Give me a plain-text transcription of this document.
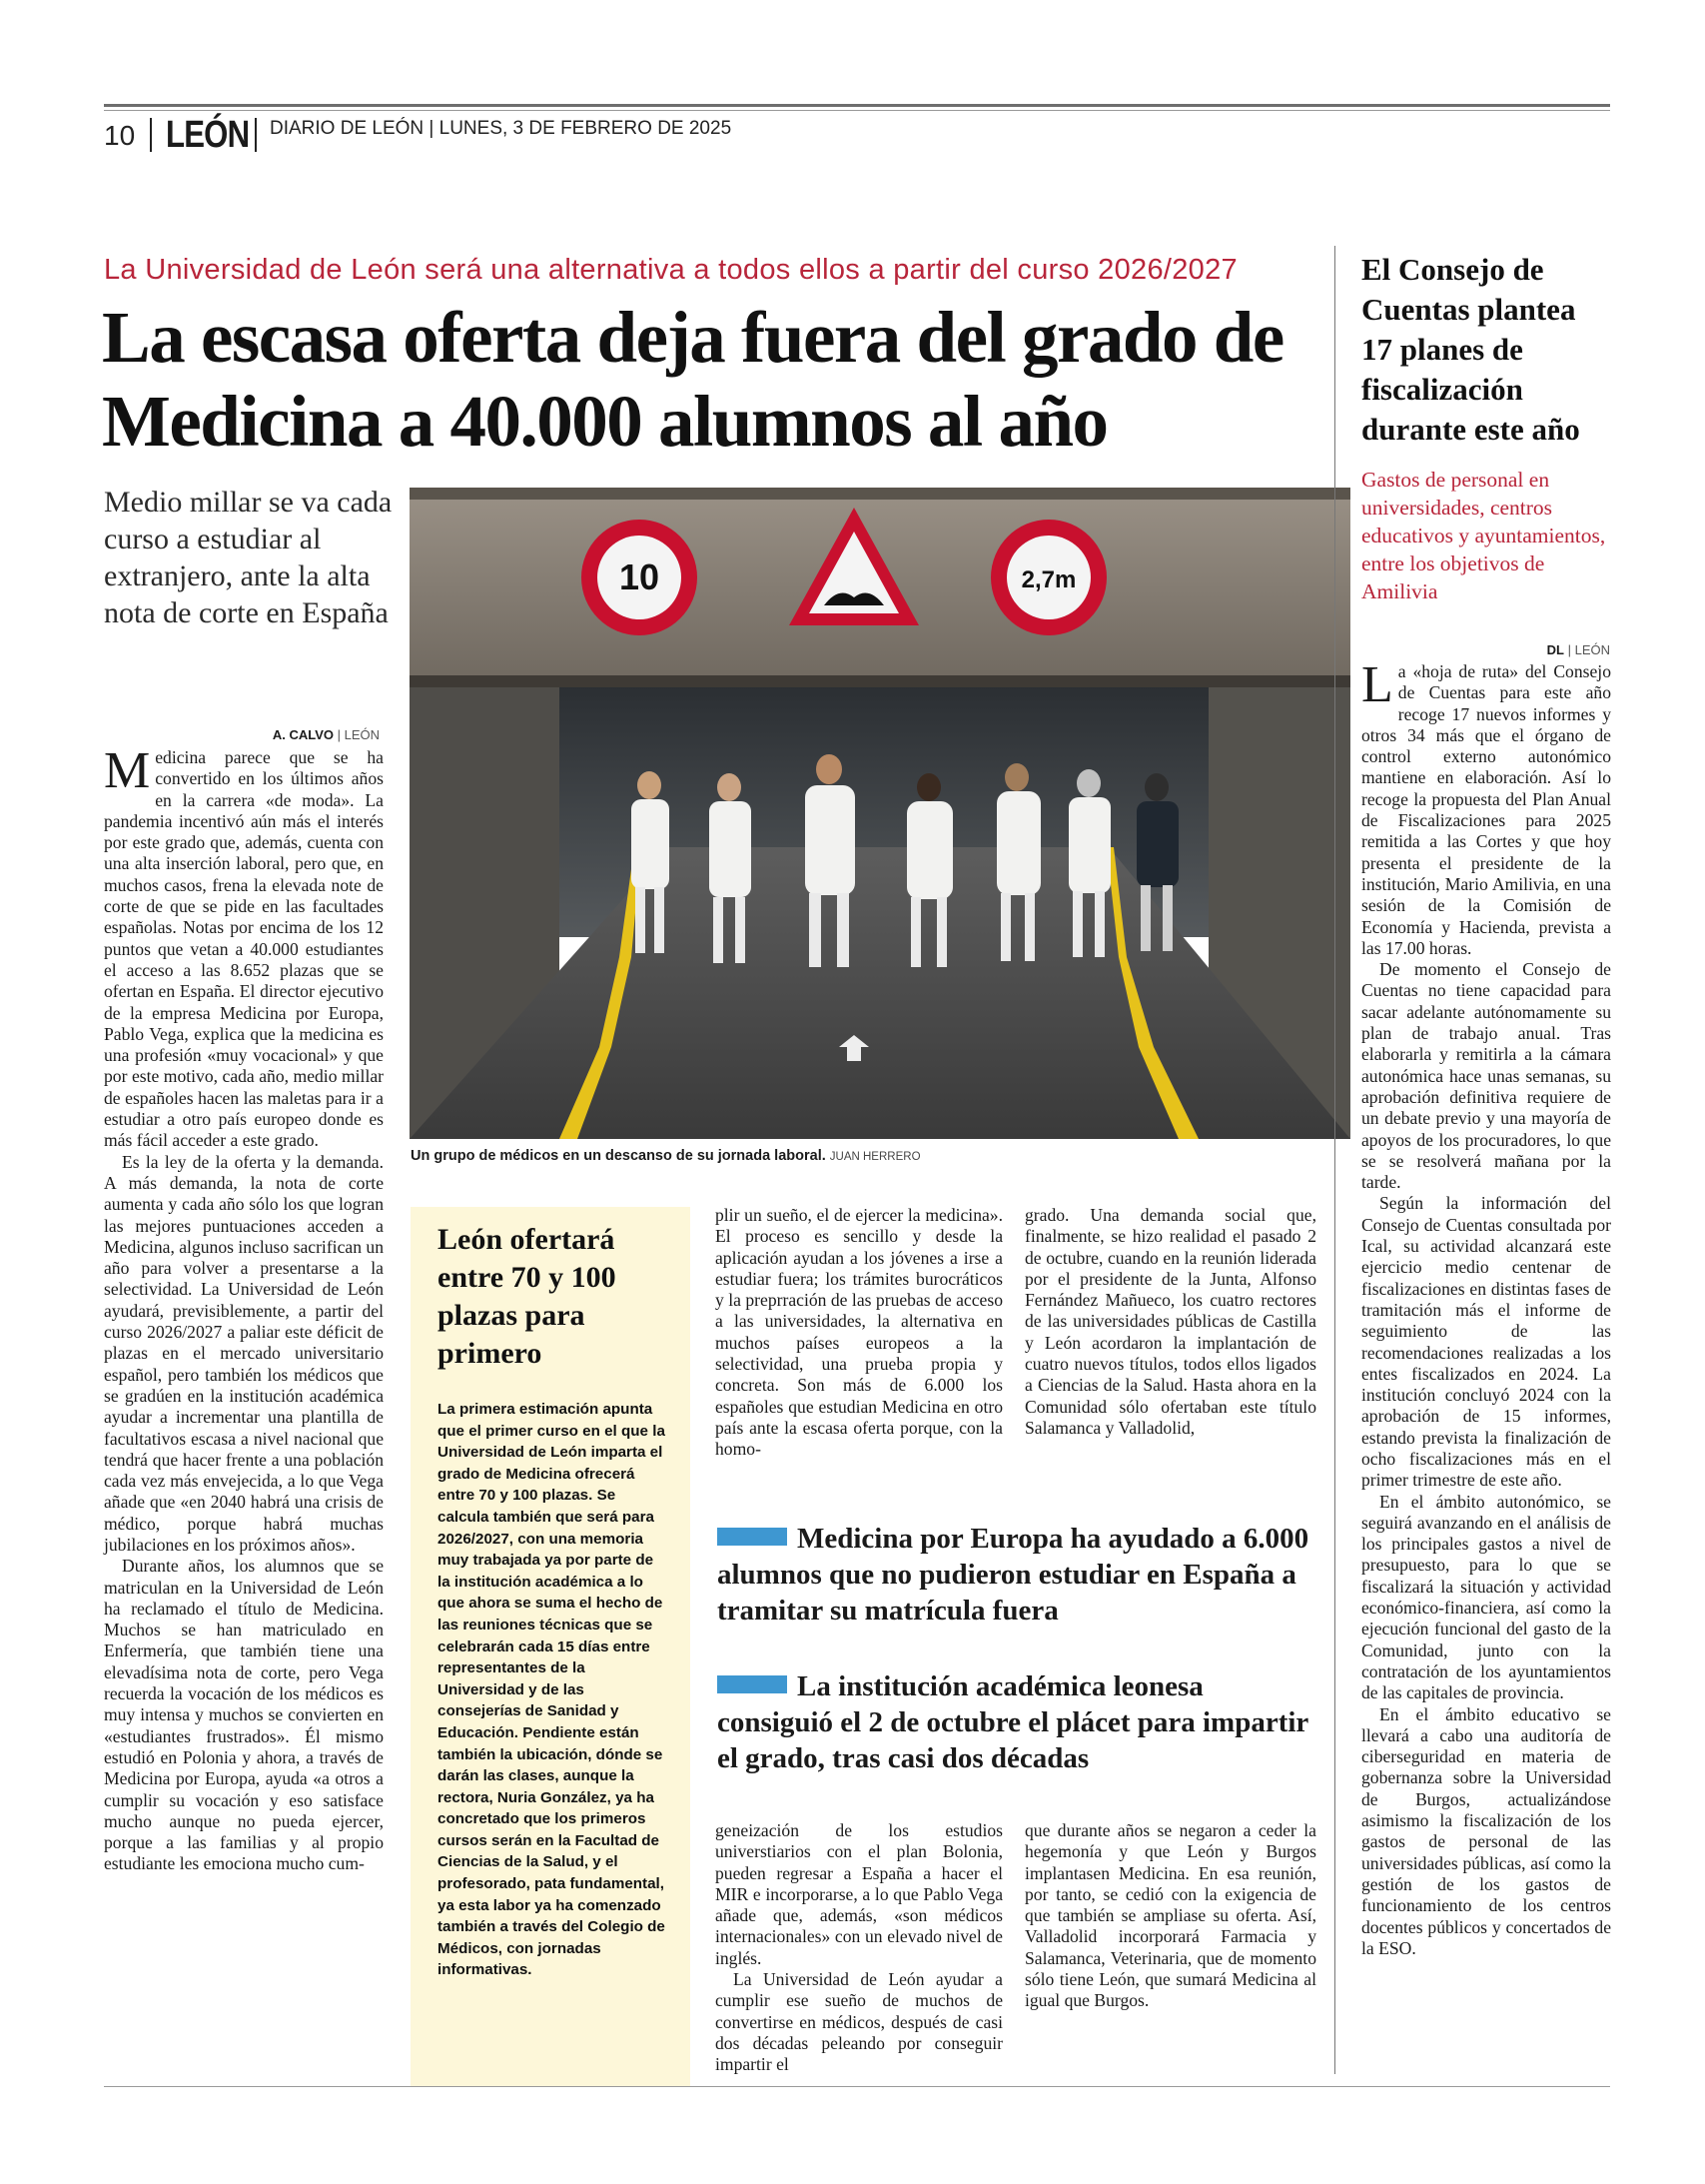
10 LEÓN DIARIO DE LEÓN | LUNES, 3 DE FEBRERO DE 2025
La Universidad de León será una alternativa a todos ellos a partir del curso 2026/2027
La escasa oferta deja fuera del grado de Medicina a 40.000 alumnos al año
Medio millar se va cada curso a estudiar al extranjero, ante la alta nota de corte en España
A. CALVO | LEÓN

Medicina parece que se ha convertido en los últimos años en la carrera «de moda». La pandemia incentivó aún más el interés por este grado que, además, cuenta con una alta inserción laboral, pero que, en muchos casos, frena la elevada note de corte de que se pide en las facultades españolas. Notas por encima de los 12 puntos que vetan a 40.000 estudiantes el acceso a las 8.652 plazas que se ofertan en España. El director ejecutivo de la empresa Medicina por Europa, Pablo Vega, explica que la medicina es una profesión «muy vocacional» y que por este motivo, cada año, medio millar de españoles hacen las maletas para ir a estudiar a otro país europeo donde es más fácil acceder a este grado.

Es la ley de la oferta y la demanda. A más demanda, la nota de corte aumenta y cada año sólo los que logran las mejores puntuaciones acceden a Medicina, algunos incluso sacrifican un año para volver a presentarse a la selectividad. La Universidad de León ayudará, previsiblemente, a partir del curso 2026/2027 a paliar este déficit de plazas en el mercado universitario español, pero también los médicos que se gradúen en la institución académica ayudar a incrementar una plantilla de facultativos escasa a nivel nacional que tendrá que hacer frente a una población cada vez más envejecida, a lo que Vega añade que «en 2040 habrá una crisis de médico, porque habrá muchas jubilaciones en los próximos años».

Durante años, los alumnos que se matriculan en la Universidad de León ha reclamado el título de Medicina. Muchos se han matriculado en Enfermería, que también tiene una elevadísima nota de corte, pero Vega recuerda la vocación de los médicos es muy intensa y muchos se convierten en «estudiantes frustrados». Él mismo estudió en Polonia y ahora, a través de Medicina por Europa, ayuda «a otros a cumplir su vocación y eso satisface mucho aunque no pueda ejercer, porque a las familias y al propio estudiante les emociona mucho cum-

10	2,7m
Un grupo de médicos en un descanso de su jornada laboral. JUAN HERRERO
León ofertará entre 70 y 100 plazas para primero
La primera estimación apunta que el primer curso en el que la Universidad de León imparta el grado de Medicina ofrecerá entre 70 y 100 plazas. Se calcula también que será para 2026/2027, con una memoria muy trabajada ya por parte de la institución académica a lo que ahora se suma el hecho de las reuniones técnicas que se celebrarán cada 15 días entre representantes de la Universidad y de las consejerías de Sanidad y Educación. Pendiente están también la ubicación, dónde se darán las clases, aunque la rectora, Nuria González, ya ha concretado que los primeros cursos serán en la Facultad de Ciencias de la Salud, y el profesorado, pata fundamental, ya esta labor ya ha comenzado también a través del Colegio de Médicos, con jornadas informativas.

plir un sueño, el de ejercer la medicina». El proceso es sencillo y desde la aplicación ayudan a los jóvenes a irse a estudiar fuera; los trámites burocráticos y la preprración de las pruebas de acceso a las universidades, la alternativa en muchos países europeos a la selectividad, una prueba propia y concreta. Son más de 6.000 los españoles que estudian Medicina en otro país ante la escasa oferta porque, con la homo-

grado. Una demanda social que, finalmente, se hizo realidad el pasado 2 de octubre, cuando en la reunión liderada por el presidente de la Junta, Alfonso Fernández Mañueco, los cuatro rectores de las universidades públicas de Castilla y León acordaron la implantación de cuatro nuevos títulos, todos ellos ligados a Ciencias de la Salud. Hasta ahora en la Comunidad sólo ofertaban este título Salamanca y Valladolid,

Medicina por Europa ha ayudado a 6.000 alumnos que no pudieron estudiar en España a tramitar su matrícula fuera
La institución académica leonesa consiguió el 2 de octubre el plácet para impartir el grado, tras casi dos décadas

geneización de los estudios universtiarios con el plan Bolonia, pueden regresar a España a hacer el MIR e incorporarse, a lo que Pablo Vega añade que, además, «son médicos internacionales» con un elevado nivel de inglés.

La Universidad de León ayudar a cumplir ese sueño de muchos de convertirse en médicos, después de casi dos décadas peleando por conseguir impartir el

que durante años se negaron a ceder la hegemonía y que León y Burgos implantasen Medicina. En esa reunión, por tanto, se cedió con la exigencia de que también se ampliase su oferta. Así, Valladolid incorporará Farmacia y Salamanca, Veterinaria, que de momento sólo tiene León, que sumará Medicina al igual que Burgos.

El Consejo de Cuentas plantea 17 planes de fiscalización durante este año
Gastos de personal en universidades, centros educativos y ayuntamientos, entre los objetivos de Amilivia
DL | LEÓN

La «hoja de ruta» del Consejo de Cuentas para este año recoge 17 nuevos informes y otros 34 más que el órgano de control externo autonómico mantiene en elaboración. Así lo recoge la propuesta del Plan Anual de Fiscalizaciones para 2025 remitida a las Cortes y que hoy presenta el presidente de la institución, Mario Amilivia, en una sesión de la Comisión de Economía y Hacienda, prevista a las 17.00 horas.

De momento el Consejo de Cuentas no tiene capacidad para sacar adelante autónomamente su plan de trabajo anual. Tras elaborarla y remitirla a la cámara autonómica hace unas semanas, su aprobación definitiva requiere de un debate previo y una mayoría de apoyos de los procuradores, lo que se se resolverá mañana por la tarde.

Según la información del Consejo de Cuentas consultada por Ical, su actividad alcanzará este ejercicio medio centenar de fiscalizaciones en distintas fases de tramitación más el informe de seguimiento de las recomendaciones realizadas a los entes fiscalizados en 2024. La institución concluyó 2024 con la aprobación de 15 informes, estando prevista la finalización de ocho fiscalizaciones más en el primer trimestre de este año.

En el ámbito autonómico, se seguirá avanzando en el análisis de los principales gastos a nivel de presupuesto, para lo que se fiscalizará la situación y actividad económico-financiera, así como la ejecución funcional del gasto de la Comunidad, junto con la contratación de los ayuntamientos de las capitales de provincia.

En el ámbito educativo se llevará a cabo una auditoría de ciberseguridad en materia de gobernanza sobre la Universidad de Burgos, actualizándose asimismo la fiscalización de los gastos de personal de las universidades públicas, así como la gestión de los gastos de funcionamiento de los centros docentes públicos y concertados de la ESO.
